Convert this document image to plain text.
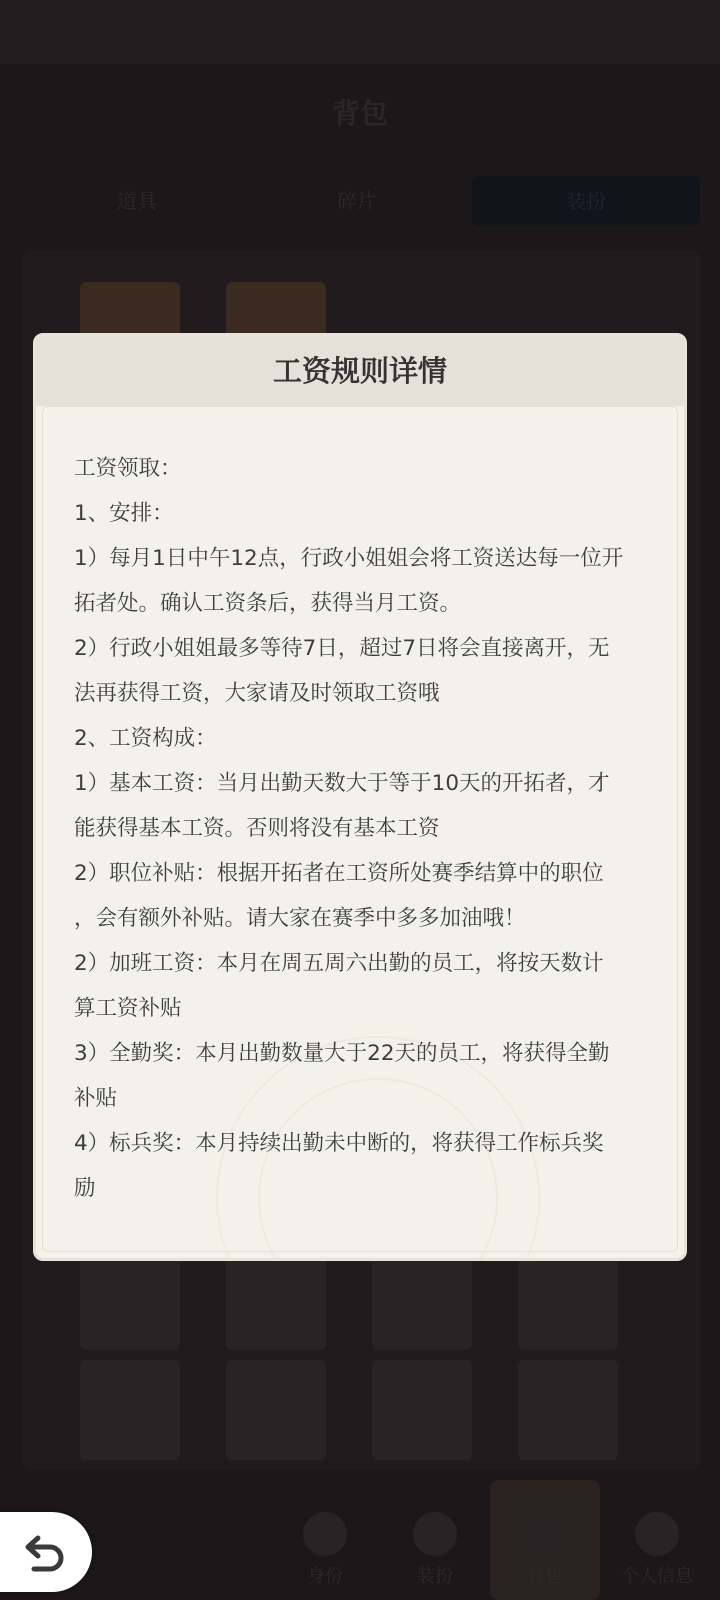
背包
道具	碎片	装扮
身份	装扮	背包	个人信息
工资规则详情
工资领取：
1、安排：
1）每月1日中午12点，行政小姐姐会将工资送达每一位开
拓者处。确认工资条后，获得当月工资。
2）行政小姐姐最多等待7日，超过7日将会直接离开，无
法再获得工资，大家请及时领取工资哦
2、工资构成：
1）基本工资：当月出勤天数大于等于10天的开拓者，才
能获得基本工资。否则将没有基本工资
2）职位补贴：根据开拓者在工资所处赛季结算中的职位
，会有额外补贴。请大家在赛季中多多加油哦！
2）加班工资：本月在周五周六出勤的员工，将按天数计
算工资补贴
3）全勤奖：本月出勤数量大于22天的员工，将获得全勤
补贴
4）标兵奖：本月持续出勤未中断的，将获得工作标兵奖
励
